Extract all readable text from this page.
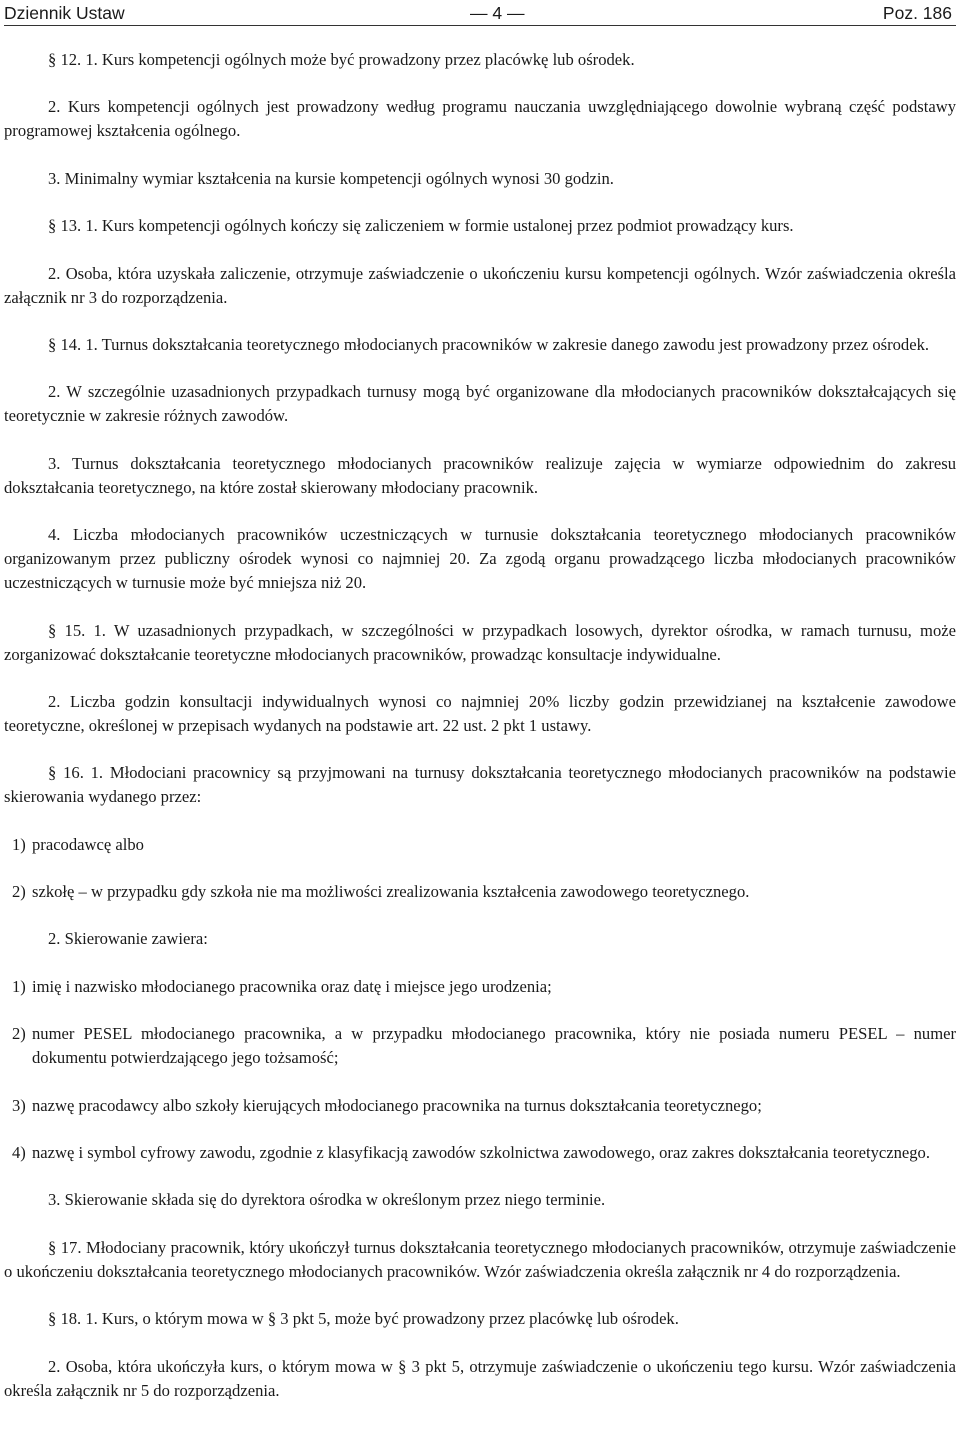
Dziennik Ustaw	— 4 —	Poz. 186

§ 12. 1. Kurs kompetencji ogólnych może być prowadzony przez placówkę lub ośrodek.

2. Kurs kompetencji ogólnych jest prowadzony według programu nauczania uwzględniającego dowolnie wybraną część podstawy programowej kształcenia ogólnego.

3. Minimalny wymiar kształcenia na kursie kompetencji ogólnych wynosi 30 godzin.

§ 13. 1. Kurs kompetencji ogólnych kończy się zaliczeniem w formie ustalonej przez podmiot prowadzący kurs.

2. Osoba, która uzyskała zaliczenie, otrzymuje zaświadczenie o ukończeniu kursu kompetencji ogólnych. Wzór zaświadczenia określa załącznik nr 3 do rozporządzenia.

§ 14. 1. Turnus dokształcania teoretycznego młodocianych pracowników w zakresie danego zawodu jest prowadzony przez ośrodek.

2. W szczególnie uzasadnionych przypadkach turnusy mogą być organizowane dla młodocianych pracowników dokształcających się teoretycznie w zakresie różnych zawodów.

3. Turnus dokształcania teoretycznego młodocianych pracowników realizuje zajęcia w wymiarze odpowiednim do zakresu dokształcania teoretycznego, na które został skierowany młodociany pracownik.

4. Liczba młodocianych pracowników uczestniczących w turnusie dokształcania teoretycznego młodocianych pracowników organizowanym przez publiczny ośrodek wynosi co najmniej 20. Za zgodą organu prowadzącego liczba młodocianych pracowników uczestniczących w turnusie może być mniejsza niż 20.

§ 15. 1. W uzasadnionych przypadkach, w szczególności w przypadkach losowych, dyrektor ośrodka, w ramach turnusu, może zorganizować dokształcanie teoretyczne młodocianych pracowników, prowadząc konsultacje indywidualne.

2. Liczba godzin konsultacji indywidualnych wynosi co najmniej 20% liczby godzin przewidzianej na kształcenie zawodowe teoretyczne, określonej w przepisach wydanych na podstawie art. 22 ust. 2 pkt 1 ustawy.

§ 16. 1. Młodociani pracownicy są przyjmowani na turnusy dokształcania teoretycznego młodocianych pracowników na podstawie skierowania wydanego przez:

1) pracodawcę albo

2) szkołę – w przypadku gdy szkoła nie ma możliwości zrealizowania kształcenia zawodowego teoretycznego.

2. Skierowanie zawiera:

1) imię i nazwisko młodocianego pracownika oraz datę i miejsce jego urodzenia;

2) numer PESEL młodocianego pracownika, a w przypadku młodocianego pracownika, który nie posiada numeru PESEL – numer dokumentu potwierdzającego jego tożsamość;

3) nazwę pracodawcy albo szkoły kierujących młodocianego pracownika na turnus dokształcania teoretycznego;

4) nazwę i symbol cyfrowy zawodu, zgodnie z klasyfikacją zawodów szkolnictwa zawodowego, oraz zakres dokształcania teoretycznego.

3. Skierowanie składa się do dyrektora ośrodka w określonym przez niego terminie.

§ 17. Młodociany pracownik, który ukończył turnus dokształcania teoretycznego młodocianych pracowników, otrzymuje zaświadczenie o ukończeniu dokształcania teoretycznego młodocianych pracowników. Wzór zaświadczenia określa załącznik nr 4 do rozporządzenia.

§ 18. 1. Kurs, o którym mowa w § 3 pkt 5, może być prowadzony przez placówkę lub ośrodek.

2. Osoba, która ukończyła kurs, o którym mowa w § 3 pkt 5, otrzymuje zaświadczenie o ukończeniu tego kursu. Wzór zaświadczenia określa załącznik nr 5 do rozporządzenia.
